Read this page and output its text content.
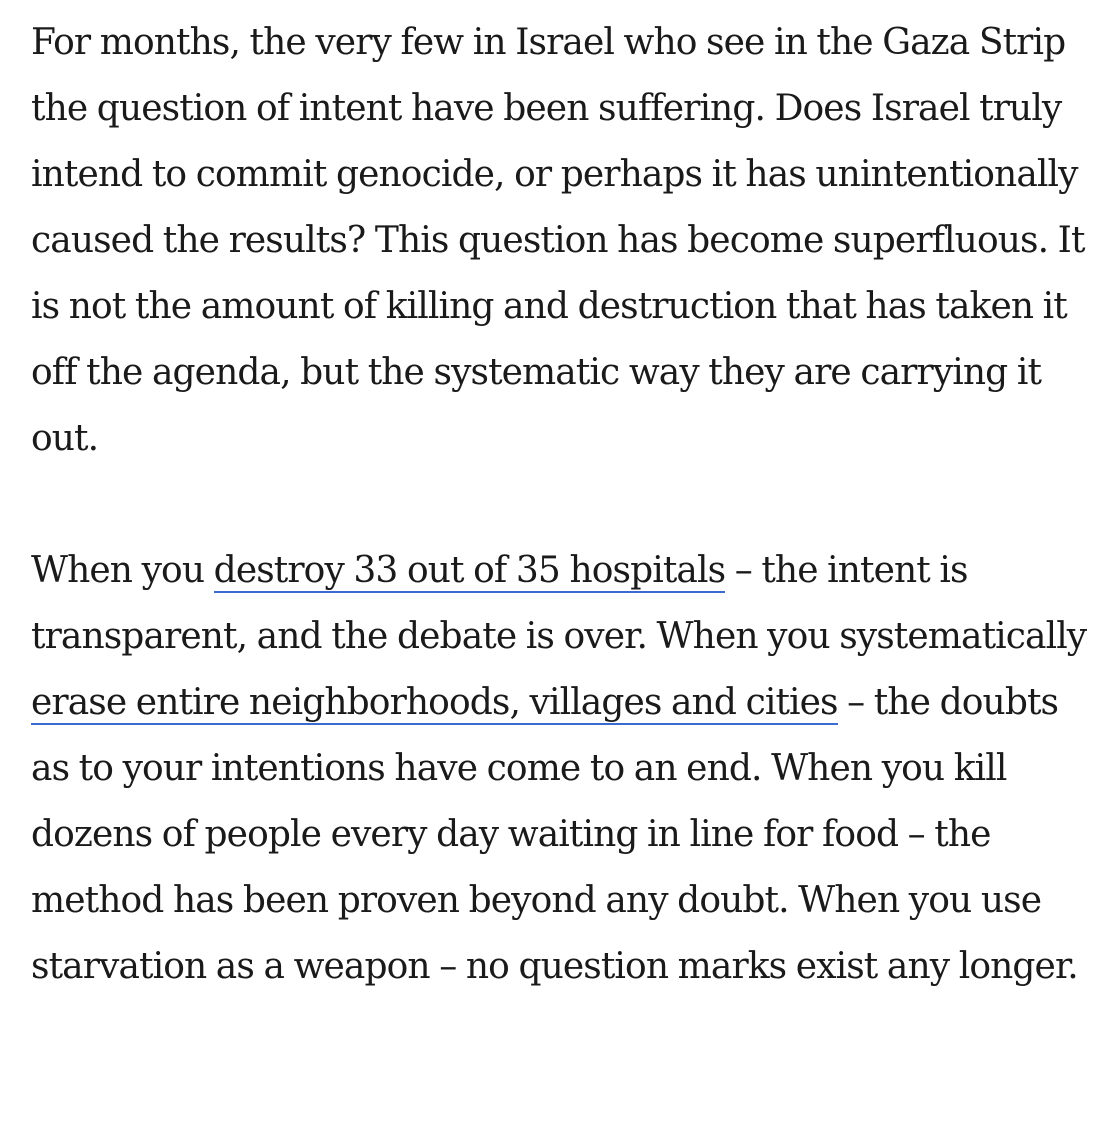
For months, the very few in Israel who see in the Gaza Strip the question of intent have been suffering. Does Israel truly intend to commit genocide, or perhaps it has unintentionally caused the results? This question has become superfluous. It is not the amount of killing and destruction that has taken it off the agenda, but the systematic way they are carrying it out.

When you destroy 33 out of 35 hospitals – the intent is transparent, and the debate is over. When you systematically erase entire neighborhoods, villages and cities – the doubts as to your intentions have come to an end. When you kill dozens of people every day waiting in line for food – the method has been proven beyond any doubt. When you use starvation as a weapon – no question marks exist any longer.
